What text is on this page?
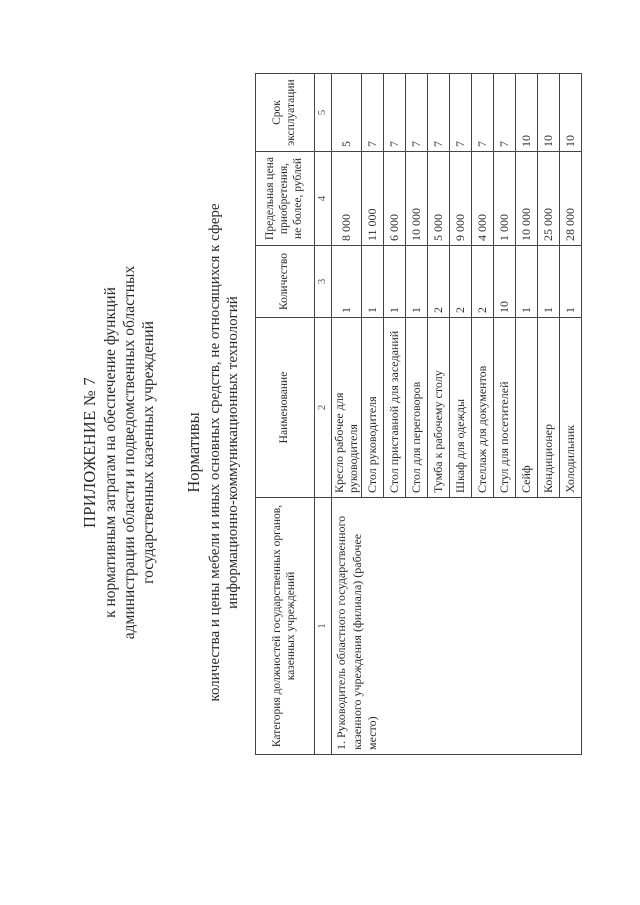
ПРИЛОЖЕНИЕ № 7 к нормативным затратам на обеспечение функций администрации области и подведомственных областных государственных казенных учреждений Нормативы количества и цены мебели и иных основных средств, не относящихся к сфере информационно-коммуникационных технологий
Категория должностей государственных органов, казенных учреждений	Наименование	Количество	Предельная цена приобретения, не более, рублей	Срок эксплуатации
1	2	3	4	5
1. Руководитель областного государственного казенного учреждения (филиала) (рабочее место)	Кресло рабочее для руководителя	1	8 000	5
	Стол руководителя	1	11 000	7
	Стол приставной для заседаний	1	6 000	7
	Стол для переговоров	1	10 000	7
	Тумба к рабочему столу	2	5 000	7
	Шкаф для одежды	2	9 000	7
	Стеллаж для документов	2	4 000	7
	Стул для посетителей	10	1 000	7
	Сейф	1	10 000	10
	Кондиционер	1	25 000	10
	Холодильник	1	28 000	10
